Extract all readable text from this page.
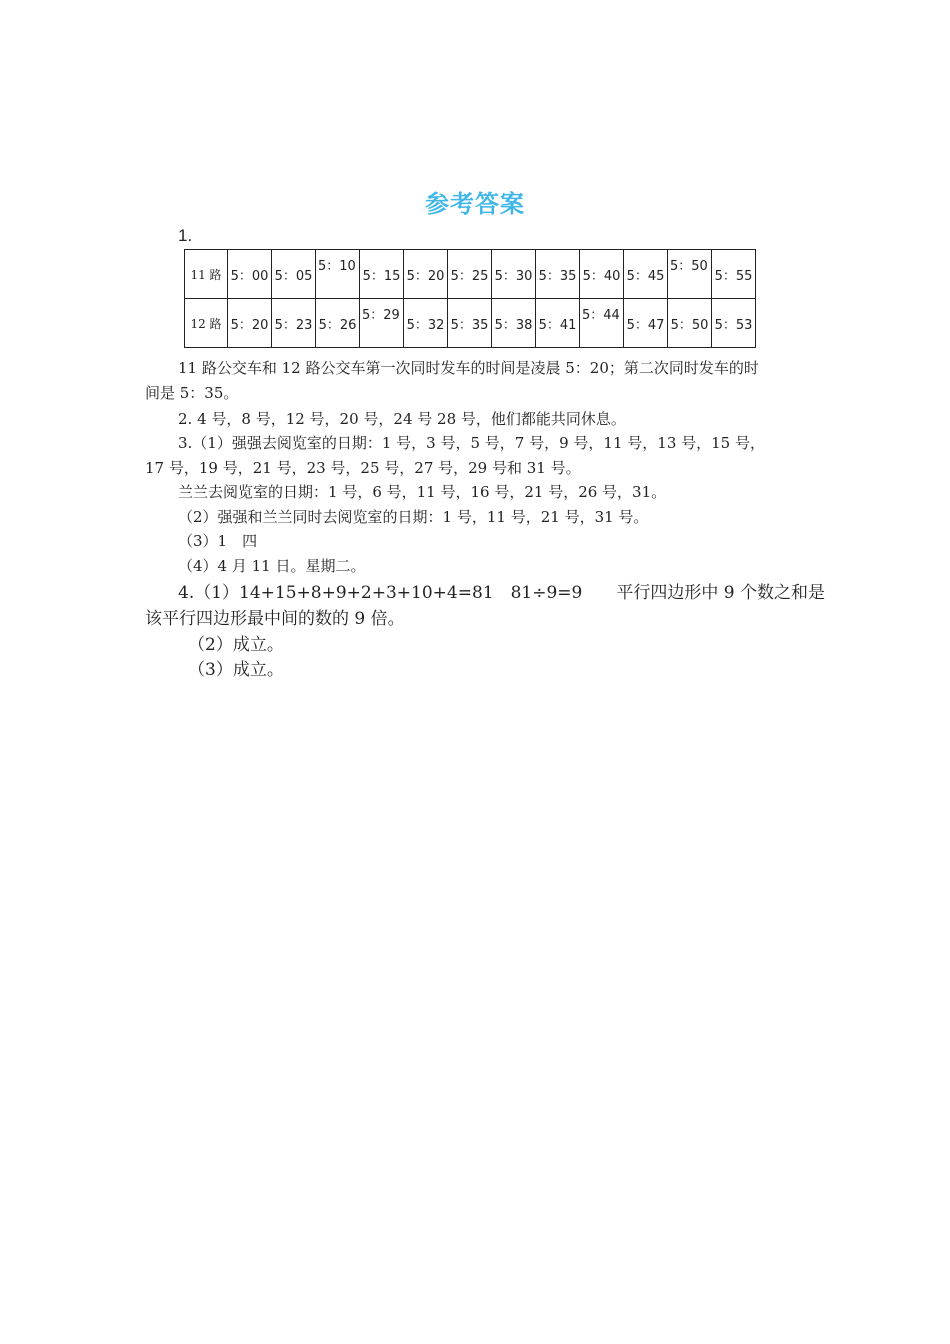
参考答案
1.
11 路	5：00	5：05	5：10	5：15	5：20	5：25	5：30	5：35	5：40	5：45	5：50	5：55
12 路	5：20	5：23	5：26	5：29	5：32	5：35	5：38	5：41	5：44	5：47	5：50	5：53
11 路公交车和 12 路公交车第一次同时发车的时间是凌晨 5：20；第二次同时发车的时
间是 5：35。
2. 4 号，8 号，12 号，20 号，24 号 28 号，他们都能共同休息。
3.（1）强强去阅览室的日期：1 号，3 号，5 号，7 号，9 号，11 号，13 号，15 号，
17 号，19 号，21 号，23 号，25 号，27 号，29 号和 31 号。
兰兰去阅览室的日期：1 号，6 号，11 号，16 号，21 号，26 号，31。
（2）强强和兰兰同时去阅览室的日期：1 号，11 号，21 号，31 号。
（3）1　四
（4）4 月 11 日。星期二。
4.（1）14+15+8+9+2+3+10+4=81　81÷9=9　　平行四边形中 9 个数之和是
该平行四边形最中间的数的 9 倍。
（2）成立。
（3）成立。
